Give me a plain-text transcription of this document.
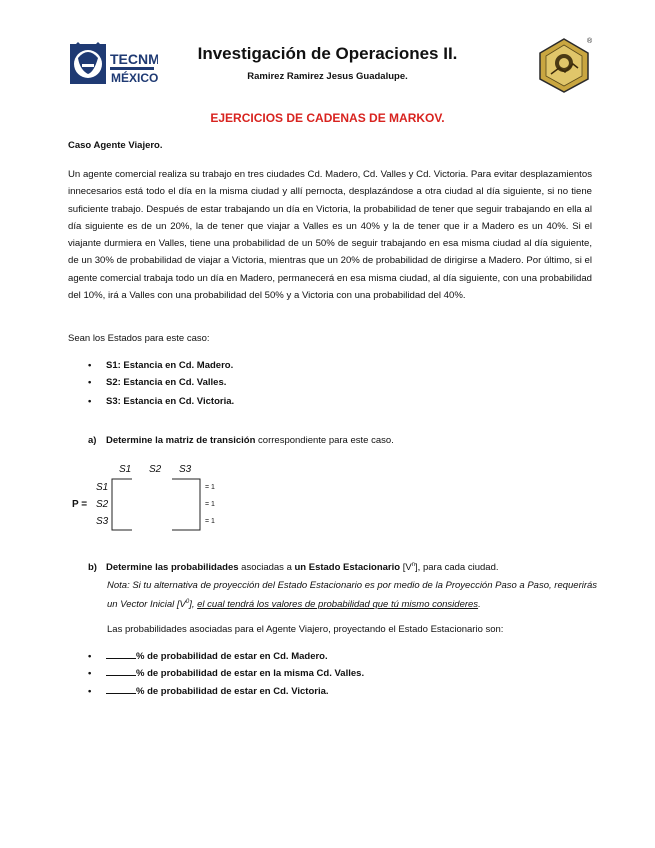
TECNM
MÉXICO
Investigación de Operaciones II.
Ramirez Ramirez Jesus Guadalupe.
®
EJERCICIOS DE CADENAS DE MARKOV.
Caso Agente Viajero.
Un agente comercial realiza su trabajo en tres ciudades Cd. Madero, Cd. Valles y Cd. Victoria. Para evitar desplazamientos innecesarios está todo el día en la misma ciudad y allí pernocta, desplazándose a otra ciudad al día siguiente, si no tiene suficiente trabajo. Después de estar trabajando un día en Victoria, la probabilidad de tener que seguir trabajando en ella al día siguiente es de un 20%, la de tener que viajar a Valles es un 40% y la de tener que ir a Madero es un 40%. Si el viajante durmiera en Valles, tiene una probabilidad de un 50% de seguir trabajando en esa misma ciudad al día siguiente, de un 30% de probabilidad de viajar a Victoria, mientras que un 20% de probabilidad de dirigirse a Madero. Por último, si el agente comercial trabaja todo un día en Madero, permanecerá en esa misma ciudad, al día siguiente, con una probabilidad del 10%, irá a Valles con una probabilidad del 50% y a Victoria con una probabilidad del 40%.
Sean los Estados para este caso:
• S1: Estancia en Cd. Madero.
• S2: Estancia en Cd. Valles.
• S3: Estancia en Cd. Victoria.
a) Determine la matriz de transición correspondiente para este caso.
S1 S2 S3
S1
S2
S3
P =
= 1
= 1
= 1
b) Determine las probabilidades asociadas a un Estado Estacionario $[V^n]$, para cada ciudad.
Nota: Si tu alternativa de proyección del Estado Estacionario es por medio de la Proyección Paso a Paso, requerirás un Vector Inicial $[V^0]$, el cual tendrá los valores de probabilidad que tú mismo consideres.
Las probabilidades asociadas para el Agente Viajero, proyectando el Estado Estacionario son:
•	% de probabilidad de estar en Cd. Madero.
•	% de probabilidad de estar en la misma Cd. Valles.
•	% de probabilidad de estar en Cd. Victoria.
